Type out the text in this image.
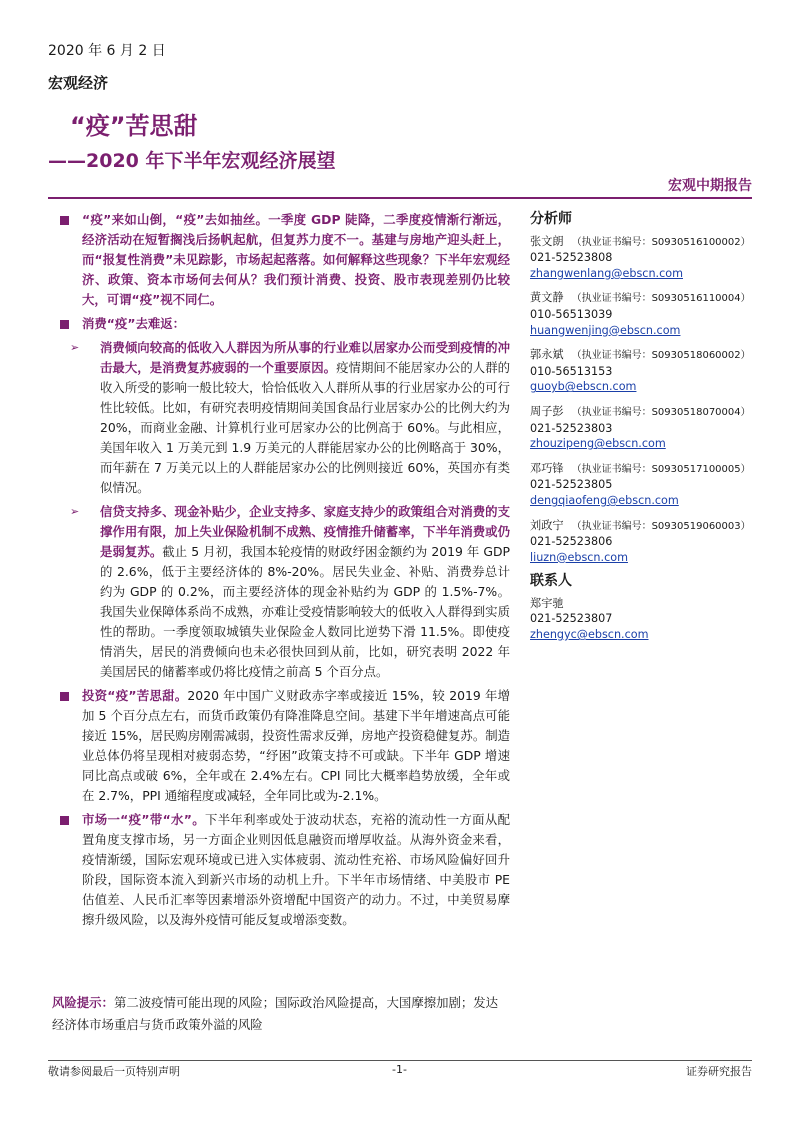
2020 年 6 月 2 日
宏观经济
“疫”苦思甜
——2020 年下半年宏观经济展望
宏观中期报告
“疫”来如山倒，“疫”去如抽丝。一季度 GDP 陡降，二季度疫情渐行渐远，经济活动在短暂搁浅后扬帆起航，但复苏力度不一。基建与房地产迎头赶上，而“报复性消费”未见踪影，市场起起落落。如何解释这些现象？下半年宏观经济、政策、资本市场何去何从？我们预计消费、投资、股市表现差别仍比较大，可谓“疫”视不同仁。
消费“疫”去难返：
➢ 消费倾向较高的低收入人群因为所从事的行业难以居家办公而受到疫情的冲击最大，是消费复苏疲弱的一个重要原因。疫情期间不能居家办公的人群的收入所受的影响一般比较大，恰恰低收入人群所从事的行业居家办公的可行性比较低。比如，有研究表明疫情期间美国食品行业居家办公的比例大约为 20%，而商业金融、计算机行业可居家办公的比例高于 60%。与此相应，美国年收入 1 万美元到 1.9 万美元的人群能居家办公的比例略高于 30%，而年薪在 7 万美元以上的人群能居家办公的比例则接近 60%，英国亦有类似情况。
➢ 信贷支持多、现金补贴少，企业支持多、家庭支持少的政策组合对消费的支撑作用有限，加上失业保险机制不成熟、疫情推升储蓄率，下半年消费或仍是弱复苏。截止 5 月初，我国本轮疫情的财政纾困金额约为 2019 年 GDP 的 2.6%，低于主要经济体的 8%-20%。居民失业金、补贴、消费券总计约为 GDP 的 0.2%，而主要经济体的现金补贴约为 GDP 的 1.5%-7%。我国失业保障体系尚不成熟，亦难让受疫情影响较大的低收入人群得到实质性的帮助。一季度领取城镇失业保险金人数同比逆势下滑 11.5%。即使疫情消失，居民的消费倾向也未必很快回到从前，比如，研究表明 2022 年美国居民的储蓄率或仍将比疫情之前高 5 个百分点。
投资“疫”苦思甜。2020 年中国广义财政赤字率或接近 15%，较 2019 年增加 5 个百分点左右，而货币政策仍有降准降息空间。基建下半年增速高点可能接近 15%，居民购房刚需减弱，投资性需求反弹，房地产投资稳健复苏。制造业总体仍将呈现相对疲弱态势，“纾困”政策支持不可或缺。下半年 GDP 增速同比高点或破 6%，全年或在 2.4%左右。CPI 同比大概率趋势放缓，全年或在 2.7%，PPI 通缩程度或减轻，全年同比或为-2.1%。
市场一“疫”带“水”。下半年利率或处于波动状态，充裕的流动性一方面从配置角度支撑市场，另一方面企业则因低息融资而增厚收益。从海外资金来看，疫情渐缓，国际宏观环境或已进入实体疲弱、流动性充裕、市场风险偏好回升阶段，国际资本流入到新兴市场的动机上升。下半年市场情绪、中美股市 PE 估值差、人民币汇率等因素增添外资增配中国资产的动力。不过，中美贸易摩擦升级风险，以及海外疫情可能反复或增添变数。
风险提示：第二波疫情可能出现的风险；国际政治风险提高，大国摩擦加剧；发达经济体市场重启与货币政策外溢的风险
分析师
张文朗 （执业证书编号：S0930516100002）
021-52523808
zhangwenlang@ebscn.com
黄文静 （执业证书编号：S0930516110004）
010-56513039
huangwenjing@ebscn.com
郭永斌 （执业证书编号：S0930518060002）
010-56513153
guoyb@ebscn.com
周子彭 （执业证书编号：S0930518070004）
021-52523803
zhouzipeng@ebscn.com
邓巧锋 （执业证书编号：S0930517100005）
021-52523805
dengqiaofeng@ebscn.com
刘政宁 （执业证书编号：S0930519060003）
021-52523806
liuzn@ebscn.com
联系人
郑宇驰
021-52523807
zhengyc@ebscn.com
敬请参阅最后一页特别声明	-1-	证券研究报告
